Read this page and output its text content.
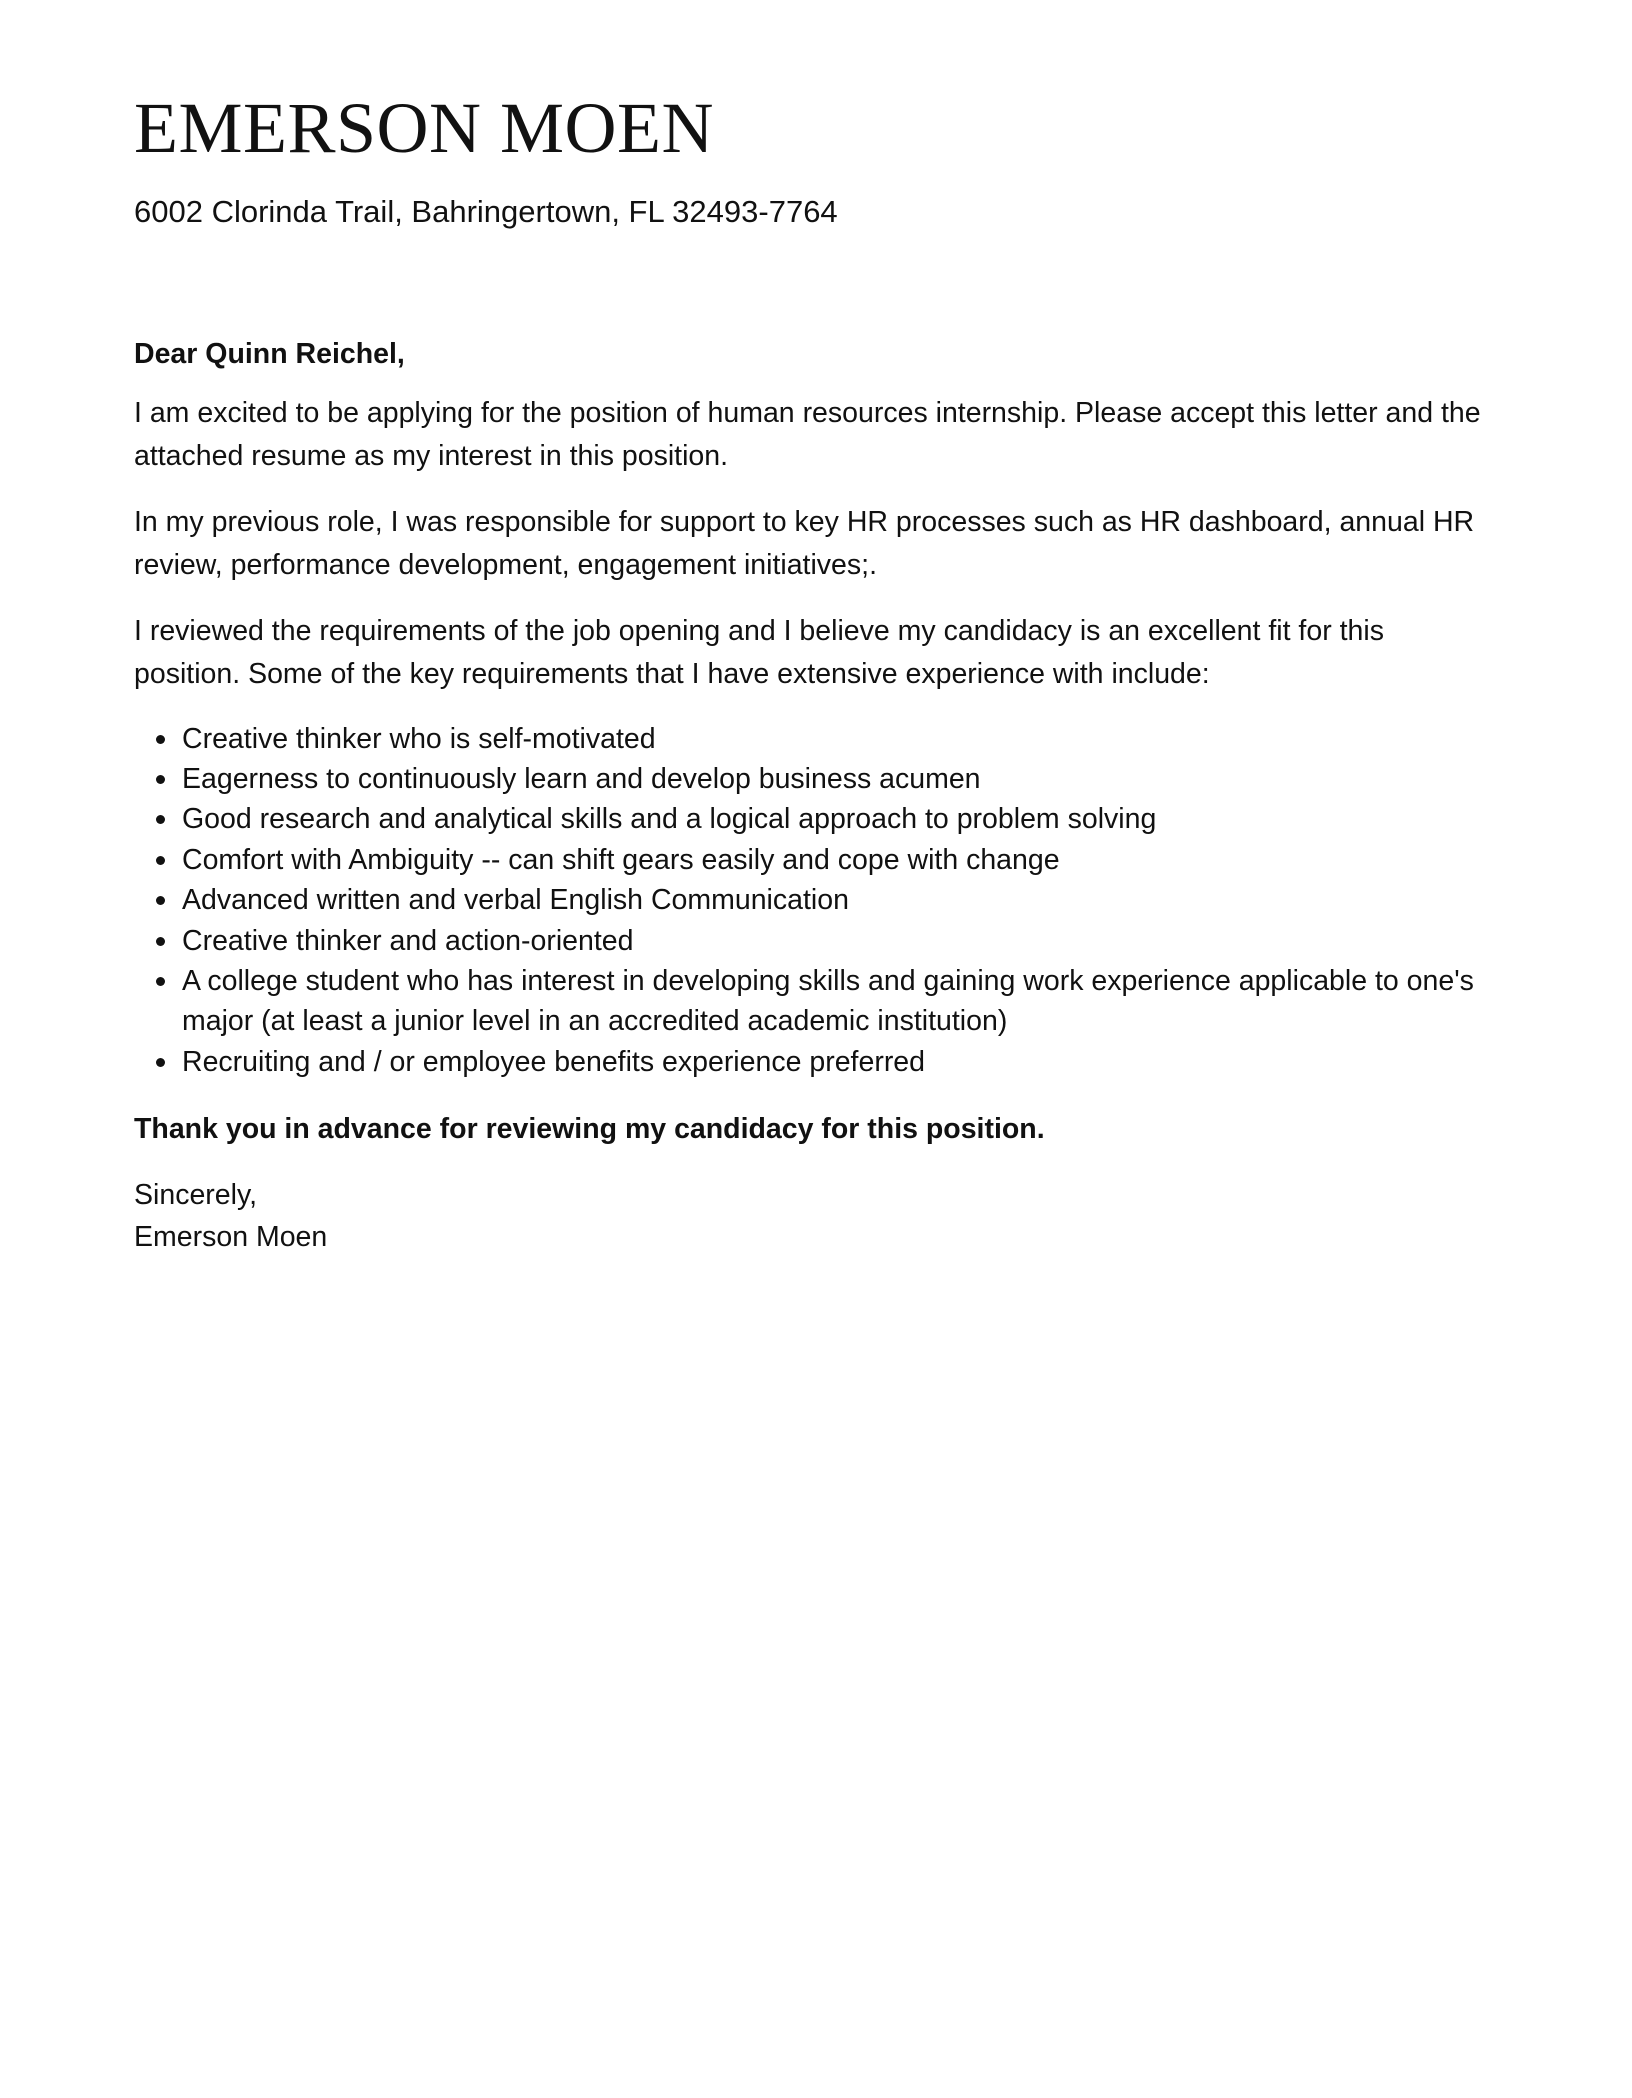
EMERSON MOEN

6002 Clorinda Trail, Bahringertown, FL 32493-7764

Dear Quinn Reichel,

I am excited to be applying for the position of human resources internship. Please accept this letter and the attached resume as my interest in this position.

In my previous role, I was responsible for support to key HR processes such as HR dashboard, annual HR review, performance development, engagement initiatives;.

I reviewed the requirements of the job opening and I believe my candidacy is an excellent fit for this position. Some of the key requirements that I have extensive experience with include:

Creative thinker who is self-motivated
Eagerness to continuously learn and develop business acumen
Good research and analytical skills and a logical approach to problem solving
Comfort with Ambiguity -- can shift gears easily and cope with change
Advanced written and verbal English Communication
Creative thinker and action-oriented
A college student who has interest in developing skills and gaining work experience applicable to one's major (at least a junior level in an accredited academic institution)
Recruiting and / or employee benefits experience preferred

Thank you in advance for reviewing my candidacy for this position.

Sincerely,
Emerson Moen
